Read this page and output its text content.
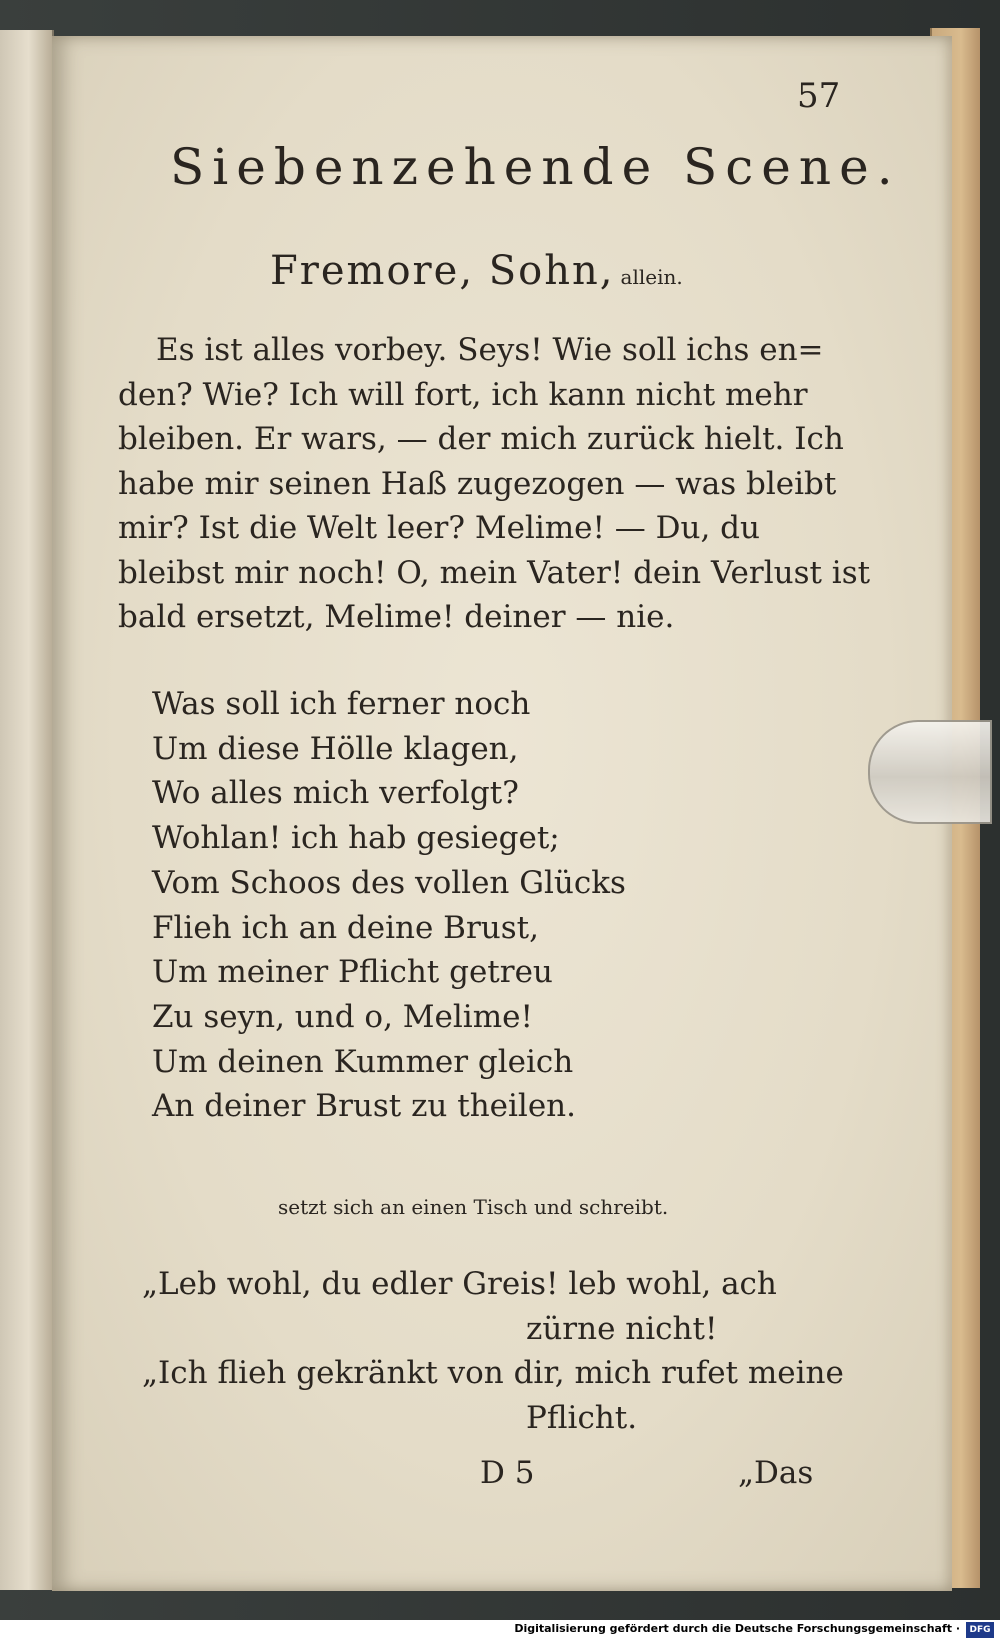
57
Siebenzehende Scene.
Fremore, Sohn, allein.
Es ist alles vorbey. Seys! Wie soll ichs en=
den? Wie? Ich will fort, ich kann nicht mehr
bleiben. Er wars, — der mich zurück hielt. Ich
habe mir seinen Haß zugezogen — was bleibt
mir? Ist die Welt leer? Melime! — Du, du
bleibst mir noch! O, mein Vater! dein Verlust ist
bald ersetzt, Melime! deiner — nie.
Was soll ich ferner noch
Um diese Hölle klagen,
Wo alles mich verfolgt?
Wohlan! ich hab gesieget;
Vom Schoos des vollen Glücks
Flieh ich an deine Brust,
Um meiner Pflicht getreu
Zu seyn, und o, Melime!
Um deinen Kummer gleich
An deiner Brust zu theilen.
setzt sich an einen Tisch und schreibt.
„Leb wohl, du edler Greis! leb wohl, ach
zürne nicht!
„Ich flieh gekränkt von dir, mich rufet meine
Pflicht.
D 5	„Das
Digitalisierung gefördert durch die Deutsche Forschungsgemeinschaft ·	DFG
